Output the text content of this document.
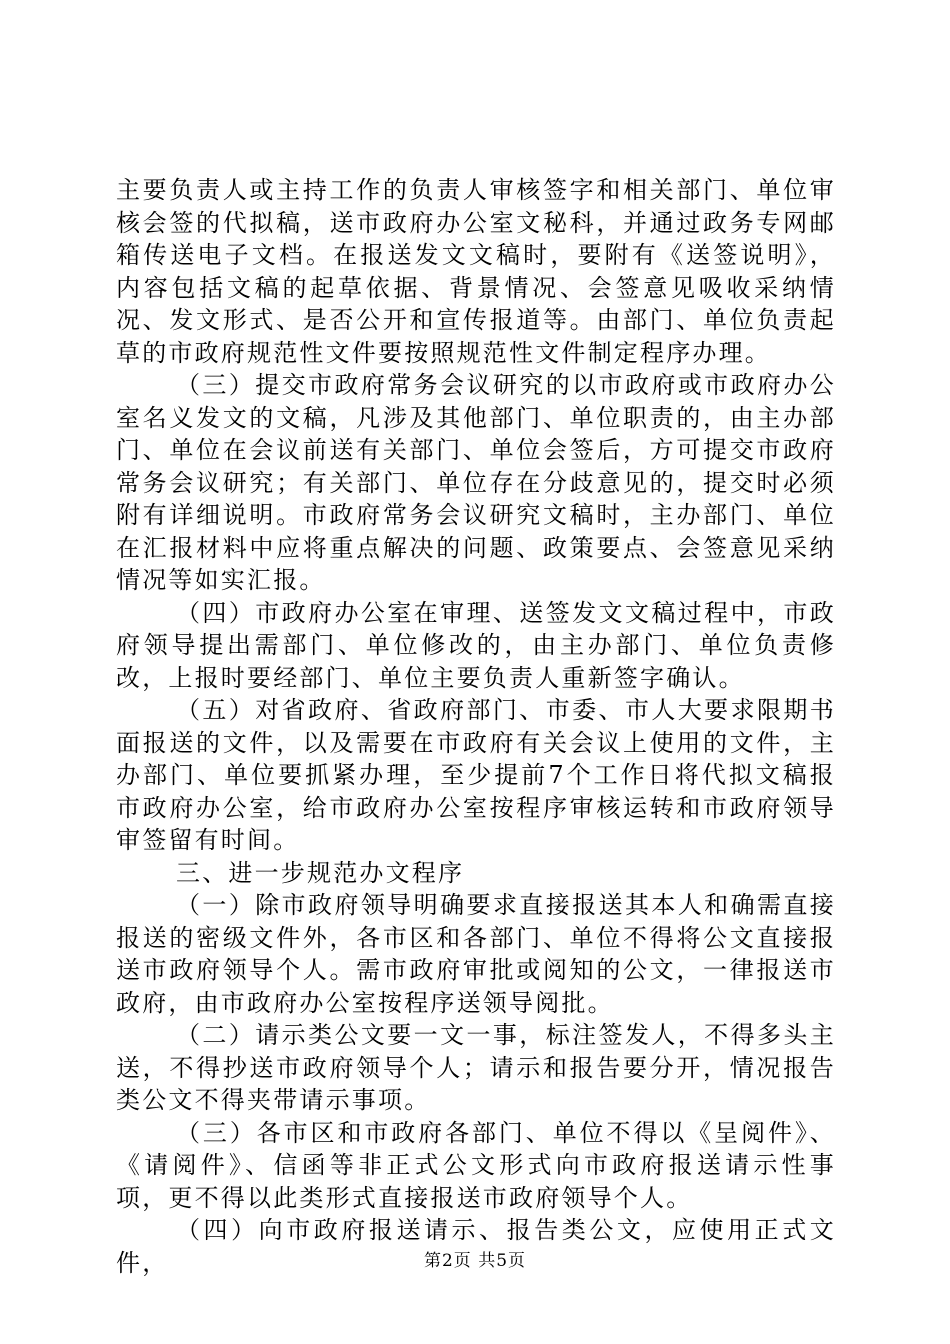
主要负责人或主持工作的负责人审核签字和相关部门、单位审核会签的代拟稿，送市政府办公室文秘科，并通过政务专网邮箱传送电子文档。在报送发文文稿时，要附有《送签说明》，内容包括文稿的起草依据、背景情况、会签意见吸收采纳情况、发文形式、是否公开和宣传报道等。由部门、单位负责起草的市政府规范性文件要按照规范性文件制定程序办理。

（三）提交市政府常务会议研究的以市政府或市政府办公室名义发文的文稿，凡涉及其他部门、单位职责的，由主办部门、单位在会议前送有关部门、单位会签后，方可提交市政府常务会议研究；有关部门、单位存在分歧意见的，提交时必须附有详细说明。市政府常务会议研究文稿时，主办部门、单位在汇报材料中应将重点解决的问题、政策要点、会签意见采纳情况等如实汇报。

（四）市政府办公室在审理、送签发文文稿过程中，市政府领导提出需部门、单位修改的，由主办部门、单位负责修改，上报时要经部门、单位主要负责人重新签字确认。

（五）对省政府、省政府部门、市委、市人大要求限期书面报送的文件，以及需要在市政府有关会议上使用的文件，主办部门、单位要抓紧办理，至少提前7个工作日将代拟文稿报市政府办公室，给市政府办公室按程序审核运转和市政府领导审签留有时间。

三、进一步规范办文程序

（一）除市政府领导明确要求直接报送其本人和确需直接报送的密级文件外，各市区和各部门、单位不得将公文直接报送市政府领导个人。需市政府审批或阅知的公文，一律报送市政府，由市政府办公室按程序送领导阅批。

（二）请示类公文要一文一事，标注签发人，不得多头主送，不得抄送市政府领导个人；请示和报告要分开，情况报告类公文不得夹带请示事项。

（三）各市区和市政府各部门、单位不得以《呈阅件》、《请阅件》、信函等非正式公文形式向市政府报送请示性事项，更不得以此类形式直接报送市政府领导个人。

（四）向市政府报送请示、报告类公文，应使用正式文件，	第2页 共5页
